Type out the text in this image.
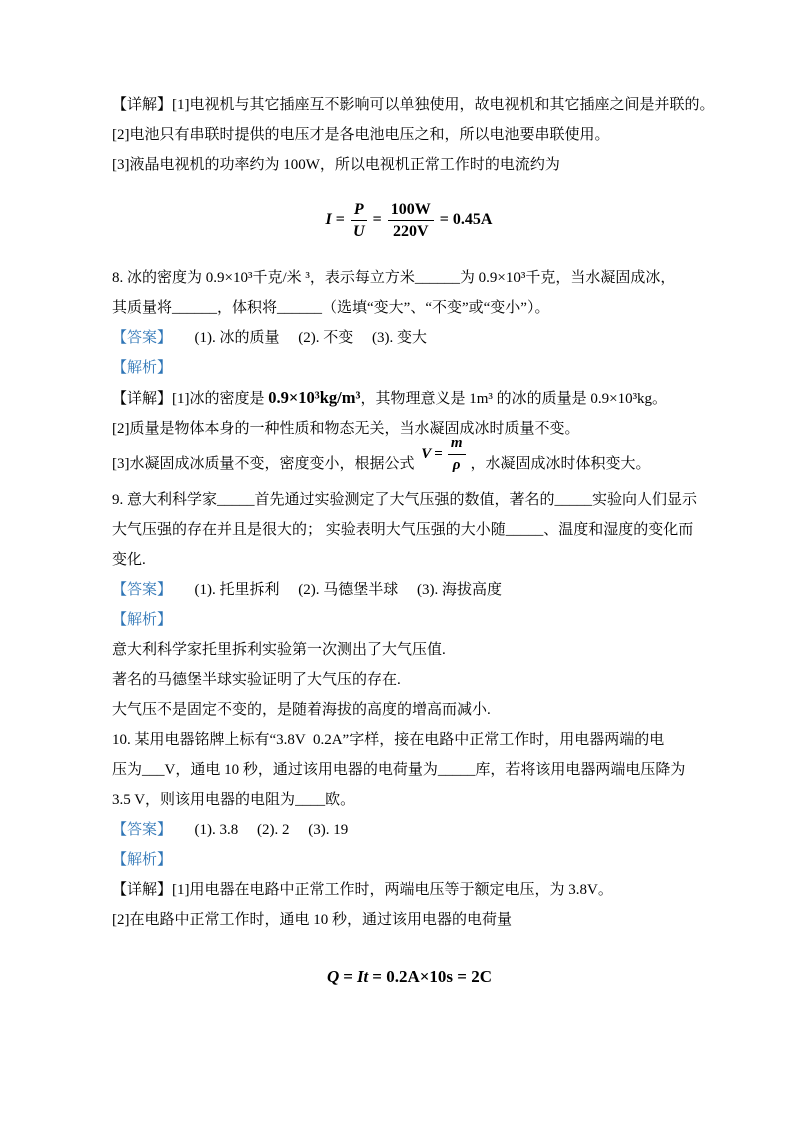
【详解】[1]电视机与其它插座互不影响可以单独使用，故电视机和其它插座之间是并联的。

[2]电池只有串联时提供的电压才是各电池电压之和，所以电池要串联使用。

[3]液晶电视机的功率约为 100W，所以电视机正常工作时的电流约为

$I = \frac{P}{U} = \frac{100W}{220V} = 0.45A$

8. 冰的密度为 0.9×10³千克/米 ³，表示每立方米______为 0.9×10³千克，当水凝固成冰，

其质量将______，体积将______（选填“变大”、“不变”或“变小”）。

【答案】      (1). 冰的质量     (2). 不变     (3). 变大

【解析】

【详解】[1]冰的密度是 0.9×10³kg/m³，其物理意义是 1m³ 的冰的质量是 0.9×10³kg。

[2]质量是物体本身的一种性质和物态无关，当水凝固成冰时质量不变。

[3]水凝固成冰质量不变，密度变小，根据公式 $V = \frac{m}{\rho}$ ，水凝固成冰时体积变大。

9. 意大利科学家_____首先通过实验测定了大气压强的数值，著名的_____实验向人们显示

大气压强的存在并且是很大的； 实验表明大气压强的大小随_____、温度和湿度的变化而

变化.

【答案】      (1). 托里拆利     (2). 马德堡半球     (3). 海拔高度

【解析】

意大利科学家托里拆利实验第一次测出了大气压值.

著名的马德堡半球实验证明了大气压的存在.

大气压不是固定不变的，是随着海拔的高度的增高而减小.

10. 某用电器铭牌上标有“3.8V  0.2A”字样，接在电路中正常工作时，用电器两端的电

压为___V，通电 10 秒，通过该用电器的电荷量为_____库，若将该用电器两端电压降为

3.5 V，则该用电器的电阻为____欧。

【答案】      (1). 3.8     (2). 2     (3). 19

【解析】

【详解】[1]用电器在电路中正常工作时，两端电压等于额定电压，为 3.8V。

[2]在电路中正常工作时，通电 10 秒，通过该用电器的电荷量

Q = It = 0.2A×10s = 2C
